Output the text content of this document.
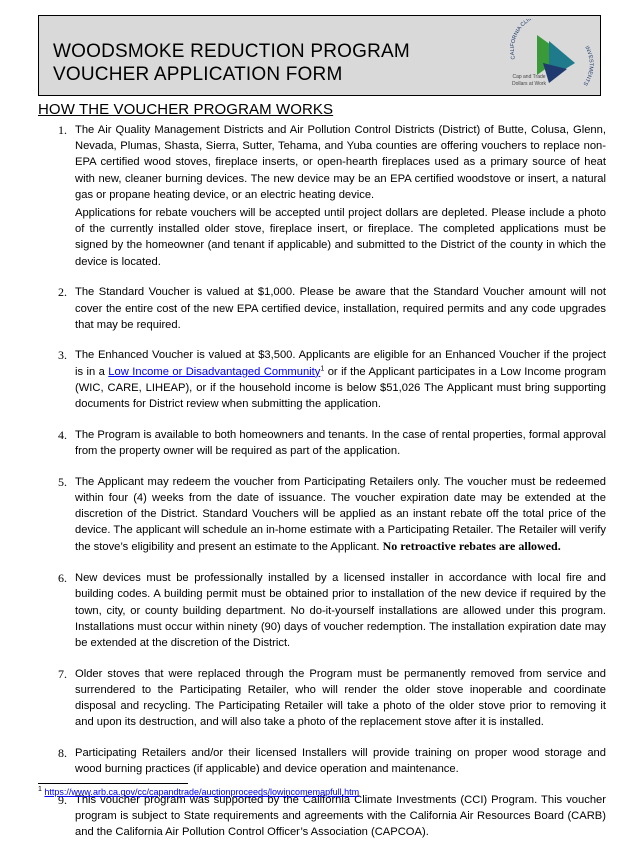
WOODSMOKE REDUCTION PROGRAM
VOUCHER APPLICATION FORM
CALIFORNIA CLIM
INVESTMENTS
Cap and Trade
Dollars at Work
HOW THE VOUCHER PROGRAM WORKS
1. The Air Quality Management Districts and Air Pollution Control Districts (District) of Butte, Colusa, Glenn, Nevada, Plumas, Shasta, Sierra, Sutter, Tehama, and Yuba counties are offering vouchers to replace non-EPA certified wood stoves, fireplace inserts, or open-hearth fireplaces used as a primary source of heat with new, cleaner burning devices. The new device may be an EPA certified woodstove or insert, a natural gas or propane heating device, or an electric heating device.

Applications for rebate vouchers will be accepted until project dollars are depleted. Please include a photo of the currently installed older stove, fireplace insert, or fireplace. The completed applications must be signed by the homeowner (and tenant if applicable) and submitted to the District of the county in which the device is located.

2. The Standard Voucher is valued at $1,000. Please be aware that the Standard Voucher amount will not cover the entire cost of the new EPA certified device, installation, required permits and any code upgrades that may be required.

3. The Enhanced Voucher is valued at $3,500. Applicants are eligible for an Enhanced Voucher if the project is in a Low Income or Disadvantaged Community$^1$ or if the Applicant participates in a Low Income program (WIC, CARE, LIHEAP), or if the household income is below $51,026 The Applicant must bring supporting documents for District review when submitting the application.

4. The Program is available to both homeowners and tenants. In the case of rental properties, formal approval from the property owner will be required as part of the application.

5. The Applicant may redeem the voucher from Participating Retailers only. The voucher must be redeemed within four (4) weeks from the date of issuance. The voucher expiration date may be extended at the discretion of the District. Standard Vouchers will be applied as an instant rebate off the total price of the device. The applicant will schedule an in-home estimate with a Participating Retailer. The Retailer will verify the stove’s eligibility and present an estimate to the Applicant. No retroactive rebates are allowed.

6. New devices must be professionally installed by a licensed installer in accordance with local fire and building codes. A building permit must be obtained prior to installation of the new device if required by the town, city, or county building department. No do-it-yourself installations are allowed under this program. Installations must occur within ninety (90) days of voucher redemption. The installation expiration date may be extended at the discretion of the District.

7. Older stoves that were replaced through the Program must be permanently removed from service and surrendered to the Participating Retailer, who will render the older stove inoperable and coordinate disposal and recycling. The Participating Retailer will take a photo of the older stove prior to removing it and upon its destruction, and will also take a photo of the replacement stove after it is installed.

8. Participating Retailers and/or their licensed Installers will provide training on proper wood storage and wood burning practices (if applicable) and device operation and maintenance.

9. This voucher program was supported by the California Climate Investments (CCI) Program. This voucher program is subject to State requirements and agreements with the California Air Resources Board (CARB) and the California Air Pollution Control Officer’s Association (CAPCOA).

$^1$ https://www.arb.ca.gov/cc/capandtrade/auctionproceeds/lowincomemapfull.htm
